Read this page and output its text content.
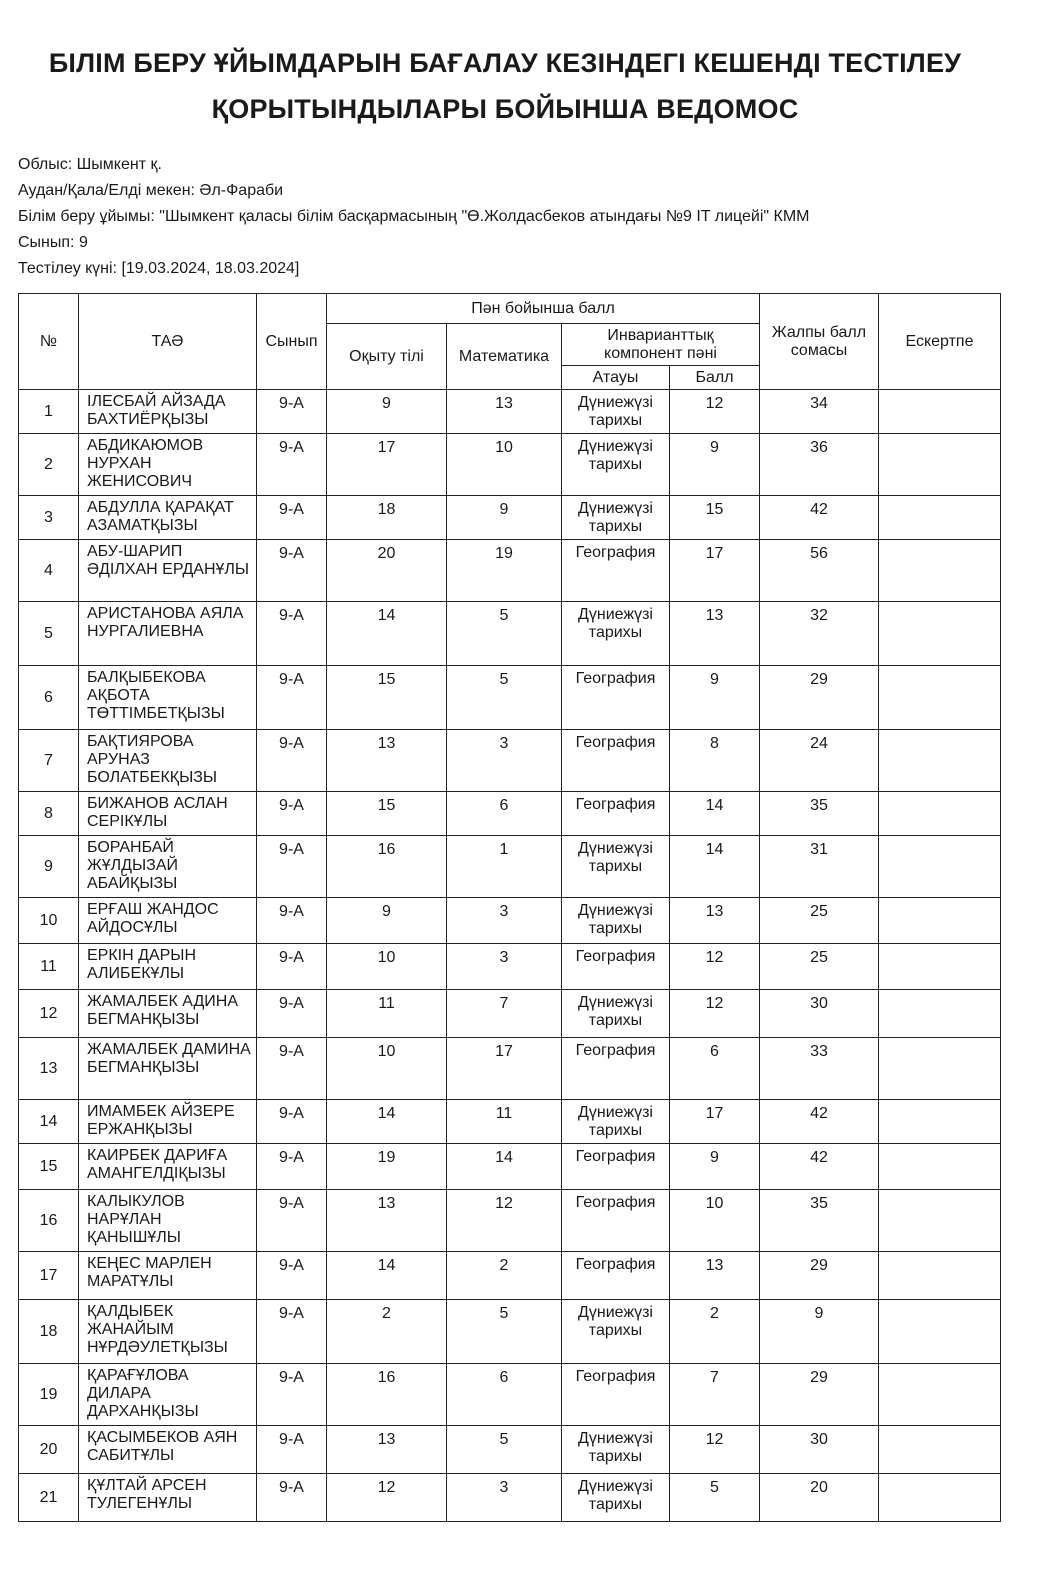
БІЛІМ БЕРУ ҰЙЫМДАРЫН БАҒАЛАУ КЕЗІНДЕГІ КЕШЕНДІ ТЕСТІЛЕУ
ҚОРЫТЫНДЫЛАРЫ БОЙЫНША ВЕДОМОС
Облыс: Шымкент қ.
Аудан/Қала/Елді мекен: Әл-Фараби
Білім беру ұйымы: "Шымкент қаласы білім басқармасының "Ө.Жолдасбеков атындағы №9 IT лицейі" КММ
Сынып: 9
Тестілеу күні: [19.03.2024, 18.03.2024]
№	ТАӘ	Сынып	Пән бойынша балл				Жалпы балл сомасы	Ескертпе
			Оқыту тілі	Математика	Инварианттық компонент пәні			
					Атауы	Балл		
1	ІЛЕСБАЙ АЙЗАДА БАХТИЁРҚЫЗЫ	9-А	9	13	Дүниежүзі тарихы	12	34	
2	АБДИКАЮМОВ НУРХАН ЖЕНИСОВИЧ	9-А	17	10	Дүниежүзі тарихы	9	36	
3	АБДУЛЛА ҚАРАҚАТ АЗАМАТҚЫЗЫ	9-А	18	9	Дүниежүзі тарихы	15	42	
4	АБУ-ШАРИП ӘДІЛХАН ЕРДАНҰЛЫ	9-А	20	19	География	17	56	
5	АРИСТАНОВА АЯЛА НУРГАЛИЕВНА	9-А	14	5	Дүниежүзі тарихы	13	32	
6	БАЛҚЫБЕКОВА АҚБОТА ТӨТТІМБЕТҚЫЗЫ	9-А	15	5	География	9	29	
7	БАҚТИЯРОВА АРУНАЗ БОЛАТБЕКҚЫЗЫ	9-А	13	3	География	8	24	
8	БИЖАНОВ АСЛАН СЕРІКҰЛЫ	9-А	15	6	География	14	35	
9	БОРАНБАЙ ЖҰЛДЫЗАЙ АБАЙҚЫЗЫ	9-А	16	1	Дүниежүзі тарихы	14	31	
10	ЕРҒАШ ЖАНДОС АЙДОСҰЛЫ	9-А	9	3	Дүниежүзі тарихы	13	25	
11	ЕРКІН ДАРЫН АЛИБЕКҰЛЫ	9-А	10	3	География	12	25	
12	ЖАМАЛБЕК АДИНА БЕГМАНҚЫЗЫ	9-А	11	7	Дүниежүзі тарихы	12	30	
13	ЖАМАЛБЕК ДАМИНА БЕГМАНҚЫЗЫ	9-А	10	17	География	6	33	
14	ИМАМБЕК АЙЗЕРЕ ЕРЖАНҚЫЗЫ	9-А	14	11	Дүниежүзі тарихы	17	42	
15	КАИРБЕК ДАРИҒА АМАНГЕЛДІҚЫЗЫ	9-А	19	14	География	9	42	
16	КАЛЫКУЛОВ НАРҰЛАН ҚАНЫШҰЛЫ	9-А	13	12	География	10	35	
17	КЕҢЕС МАРЛЕН МАРАТҰЛЫ	9-А	14	2	География	13	29	
18	ҚАЛДЫБЕК ЖАНАЙЫМ НҰРДӘУЛЕТҚЫЗЫ	9-А	2	5	Дүниежүзі тарихы	2	9	
19	ҚАРАҒҰЛОВА ДИЛАРА ДАРХАНҚЫЗЫ	9-А	16	6	География	7	29	
20	ҚАСЫМБЕКОВ АЯН САБИТҰЛЫ	9-А	13	5	Дүниежүзі тарихы	12	30	
21	ҚҰЛТАЙ АРСЕН ТУЛЕГЕНҰЛЫ	9-А	12	3	Дүниежүзі тарихы	5	20	
